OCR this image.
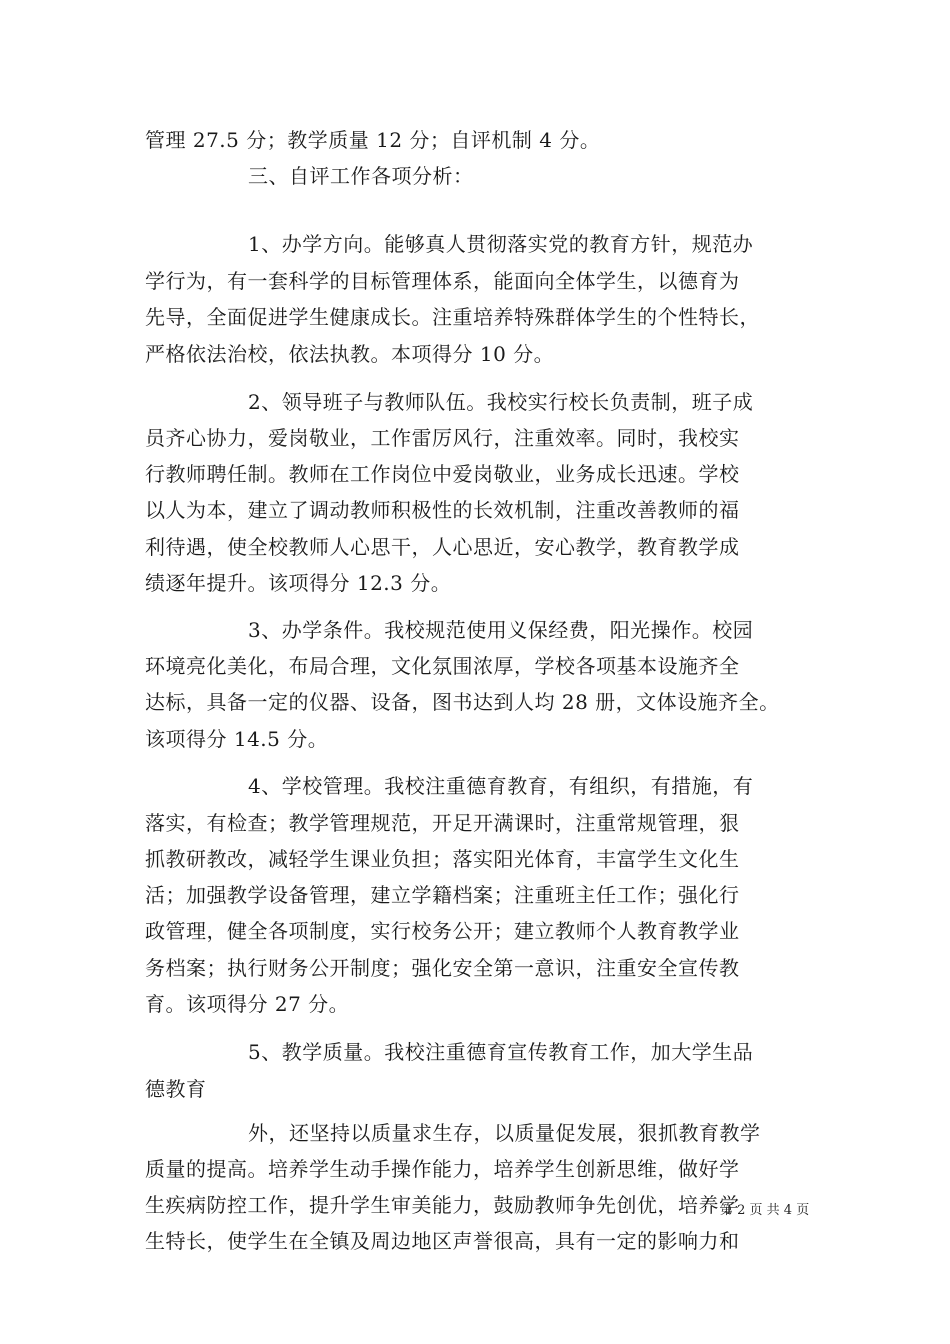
管理 27.5 分；教学质量 12 分；自评机制 4 分。
三、自评工作各项分析：
1、办学方向。能够真人贯彻落实党的教育方针，规范办
学行为，有一套科学的目标管理体系，能面向全体学生，以德育为
先导，全面促进学生健康成长。注重培养特殊群体学生的个性特长，
严格依法治校，依法执教。本项得分 10 分。
2、领导班子与教师队伍。我校实行校长负责制，班子成
员齐心协力，爱岗敬业，工作雷厉风行，注重效率。同时，我校实
行教师聘任制。教师在工作岗位中爱岗敬业，业务成长迅速。学校
以人为本，建立了调动教师积极性的长效机制，注重改善教师的福
利待遇，使全校教师人心思干，人心思近，安心教学，教育教学成
绩逐年提升。该项得分 12.3 分。
3、办学条件。我校规范使用义保经费，阳光操作。校园
环境亮化美化，布局合理，文化氛围浓厚，学校各项基本设施齐全
达标，具备一定的仪器、设备，图书达到人均 28 册，文体设施齐全。
该项得分 14.5 分。
4、学校管理。我校注重德育教育，有组织，有措施，有
落实，有检查；教学管理规范，开足开满课时，注重常规管理，狠
抓教研教改，减轻学生课业负担；落实阳光体育，丰富学生文化生
活；加强教学设备管理，建立学籍档案；注重班主任工作；强化行
政管理，健全各项制度，实行校务公开；建立教师个人教育教学业
务档案；执行财务公开制度；强化安全第一意识，注重安全宣传教
育。该项得分 27 分。
5、教学质量。我校注重德育宣传教育工作，加大学生品
德教育
外，还坚持以质量求生存，以质量促发展，狠抓教育教学
质量的提高。培养学生动手操作能力，培养学生创新思维，做好学
生疾病防控工作，提升学生审美能力，鼓励教师争先创优，培养学
生特长，使学生在全镇及周边地区声誉很高，具有一定的影响力和
第 2 页 共 4 页
